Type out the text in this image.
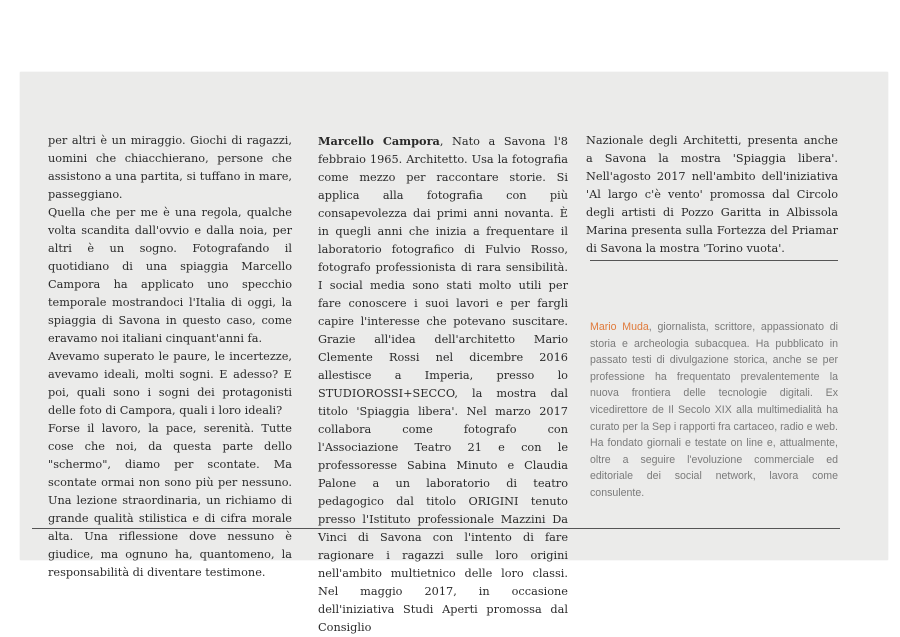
per altri è un miraggio. Giochi di ragazzi, uomini che chiacchierano, persone che assistono a una partita, si tuffano in mare, passeggiano.

Quella che per me è una regola, qualche volta scandita dall'ovvio e dalla noia, per altri è un sogno. Fotografando il quotidiano di una spiaggia Marcello Campora ha applicato uno specchio temporale mostrandoci l'Italia di oggi, la spiaggia di Savona in questo caso, come eravamo noi italiani cinquant'anni fa.

Avevamo superato le paure, le incertezze, avevamo ideali, molti sogni. E adesso? E poi, quali sono i sogni dei protagonisti delle foto di Campora, quali i loro ideali?

Forse il lavoro, la pace, serenità. Tutte cose che noi, da questa parte dello "schermo", diamo per scontate. Ma scontate ormai non sono più per nessuno. Una lezione straordinaria, un richiamo di grande qualità stilistica e di cifra morale alta. Una riflessione dove nessuno è giudice, ma ognuno ha, quantomeno, la responsabilità di diventare testimone.

Marcello Campora, Nato a Savona l'8 febbraio 1965. Architetto. Usa la fotografia come mezzo per raccontare storie. Si applica alla fotografia con più consapevolezza dai primi anni novanta. È in quegli anni che inizia a frequentare il laboratorio fotografico di Fulvio Rosso, fotografo professionista di rara sensibilità. I social media sono stati molto utili per fare conoscere i suoi lavori e per fargli capire l'interesse che potevano suscitare. Grazie all'idea dell'architetto Mario Clemente Rossi nel dicembre 2016 allestisce a Imperia, presso lo STUDIOROSSI+SECCO, la mostra dal titolo 'Spiaggia libera'. Nel marzo 2017 collabora come fotografo con l'Associazione Teatro 21 e con le professoresse Sabina Minuto e Claudia Palone a un laboratorio di teatro pedagogico dal titolo ORIGINI tenuto presso l'Istituto professionale Mazzini Da Vinci di Savona con l'intento di fare ragionare i ragazzi sulle loro origini nell'ambito multietnico delle loro classi. Nel maggio 2017, in occasione dell'iniziativa Studi Aperti promossa dal Consiglio

Nazionale degli Architetti, presenta anche a Savona la mostra 'Spiaggia libera'. Nell'agosto 2017 nell'ambito dell'iniziativa 'Al largo c'è vento' promossa dal Circolo degli artisti di Pozzo Garitta in Albissola Marina presenta sulla Fortezza del Priamar di Savona la mostra 'Torino vuota'.

Mario Muda, giornalista, scrittore, appassionato di storia e archeologia subacquea. Ha pubblicato in passato testi di divulgazione storica, anche se per professione ha frequentato prevalentemente la nuova frontiera delle tecnologie digitali. Ex vicedirettore de Il Secolo XIX alla multimedialità ha curato per la Sep i rapporti fra cartaceo, radio e web. Ha fondato giornali e testate on line e, attualmente, oltre a seguire l'evoluzione commerciale ed editoriale dei social network, lavora come consulente.
